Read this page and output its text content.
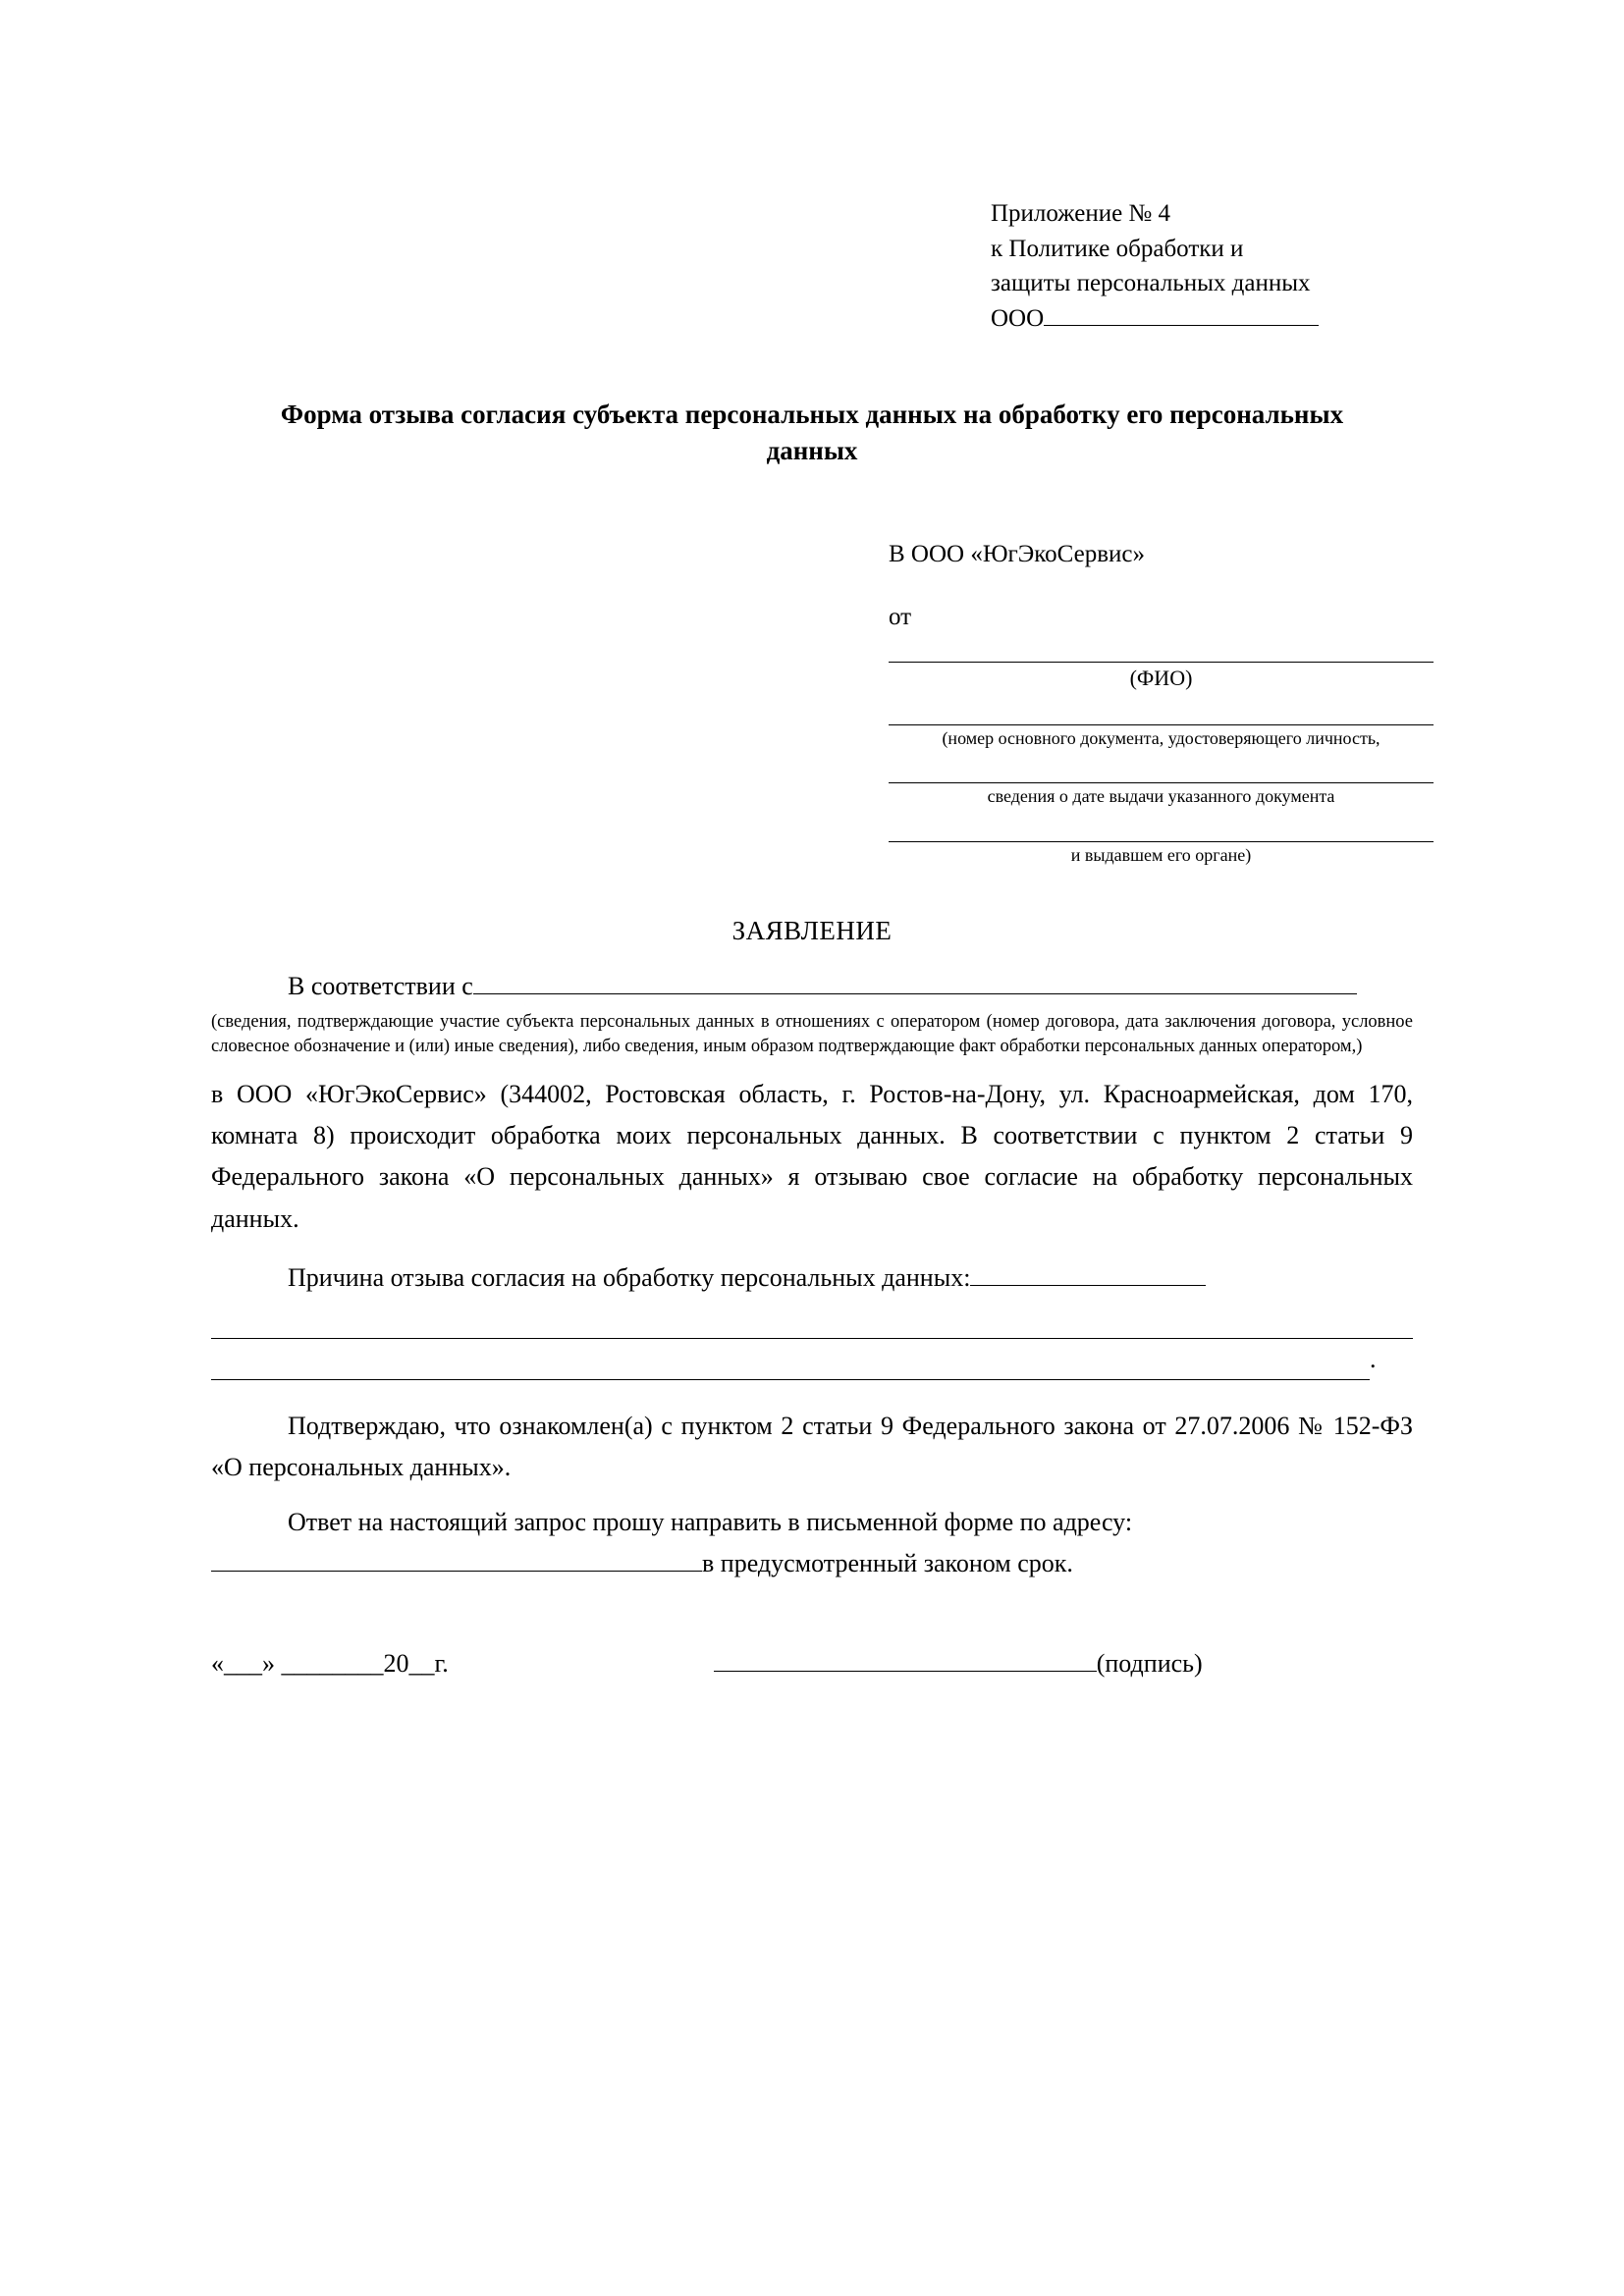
Приложение № 4
к Политике обработки и
защиты персональных данных
ООО
Форма отзыва согласия субъекта персональных данных на обработку его персональных данных
В ООО «ЮгЭкоСервис»
от
(ФИО)
(номер основного документа, удостоверяющего личность,
сведения о дате выдачи указанного документа
и выдавшем его органе)
ЗАЯВЛЕНИЕ

В соответствии с

(сведения, подтверждающие участие субъекта персональных данных в отношениях с оператором (номер договора, дата заключения договора, условное словесное обозначение и (или) иные сведения), либо сведения, иным образом подтверждающие факт обработки персональных данных оператором,)

в ООО «ЮгЭкоСервис» (344002, Ростовская область, г. Ростов-на-Дону, ул. Красноармейская, дом 170, комната 8) происходит обработка моих персональных данных. В соответствии с пунктом 2 статьи 9 Федерального закона «О персональных данных» я отзываю свое согласие на обработку персональных данных.

Причина отзыва согласия на обработку персональных данных:

.

Подтверждаю, что ознакомлен(а) с пунктом 2 статьи 9 Федерального закона от 27.07.2006 № 152-ФЗ «О персональных данных».

Ответ на настоящий запрос прошу направить в письменной форме по адресу:

в предусмотренный законом срок.

«___» ________20__г.	(подпись)
